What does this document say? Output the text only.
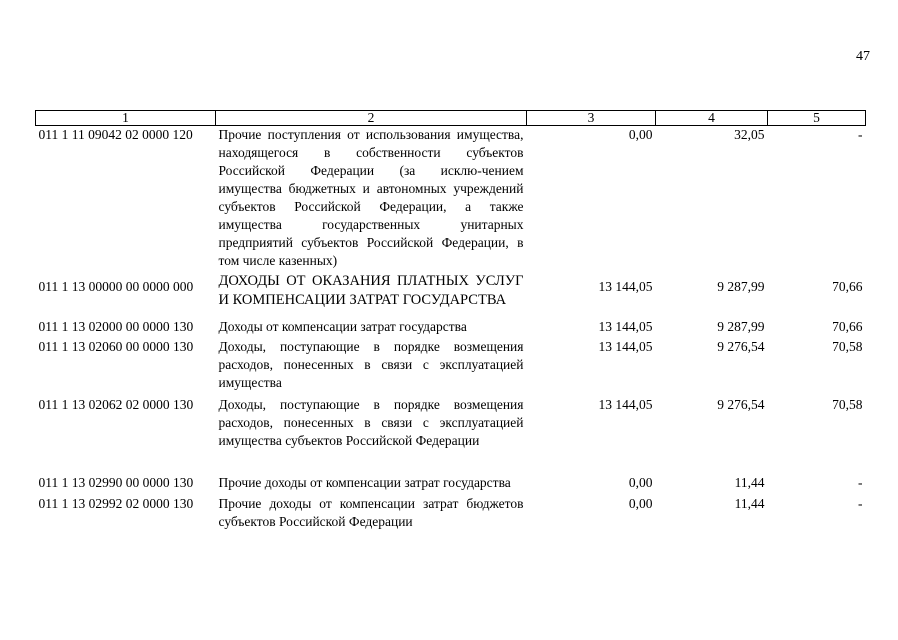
47
1	2	3	4	5
011 1 11 09042 02 0000 120	Прочие поступления от использования имущества, находящегося в собственности субъектов Российской Федерации (за исклю-чением имущества бюджетных и автономных учреждений субъектов Российской Федерации, а также имущества государственных унитарных предприятий субъектов Российской Федерации, в том числе казенных)	0,00	32,05	-
011 1 13 00000 00 0000 000	ДОХОДЫ ОТ ОКАЗАНИЯ ПЛАТНЫХ УСЛУГ И КОМПЕНСАЦИИ ЗАТРАТ ГОСУДАРСТВА	13 144,05	9 287,99	70,66
011 1 13 02000 00 0000 130	Доходы от компенсации затрат государства	13 144,05	9 287,99	70,66
011 1 13 02060 00 0000 130	Доходы, поступающие в порядке возмещения расходов, понесенных в связи с эксплуатацией имущества	13 144,05	9 276,54	70,58
011 1 13 02062 02 0000 130	Доходы, поступающие в порядке возмещения расходов, понесенных в связи с эксплуатацией имущества субъектов Российской Федерации	13 144,05	9 276,54	70,58
011 1 13 02990 00 0000 130	Прочие доходы от компенсации затрат государства	0,00	11,44	-
011 1 13 02992 02 0000 130	Прочие доходы от компенсации затрат бюджетов субъектов Российской Федерации	0,00	11,44	-
